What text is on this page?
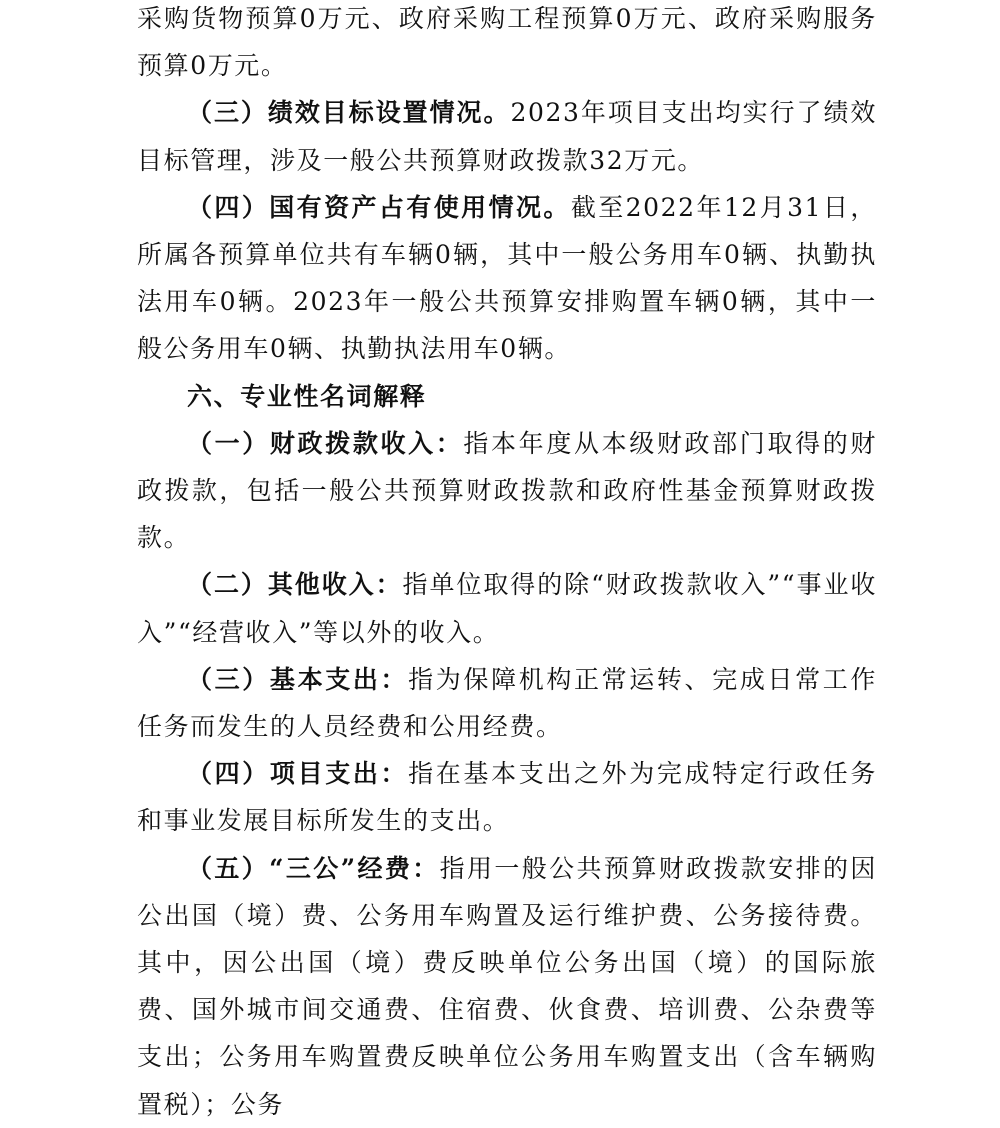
采购货物预算0万元、政府采购工程预算0万元、政府采购服务预算0万元。

（三）绩效目标设置情况。2023年项目支出均实行了绩效目标管理，涉及一般公共预算财政拨款32万元。

（四）国有资产占有使用情况。截至2022年12月31日，所属各预算单位共有车辆0辆，其中一般公务用车0辆、执勤执法用车0辆。2023年一般公共预算安排购置车辆0辆，其中一般公务用车0辆、执勤执法用车0辆。

六、专业性名词解释

（一）财政拨款收入：指本年度从本级财政部门取得的财政拨款，包括一般公共预算财政拨款和政府性基金预算财政拨款。

（二）其他收入：指单位取得的除“财政拨款收入”“事业收入”“经营收入”等以外的收入。

（三）基本支出：指为保障机构正常运转、完成日常工作任务而发生的人员经费和公用经费。

（四）项目支出：指在基本支出之外为完成特定行政任务和事业发展目标所发生的支出。

（五）“三公”经费：指用一般公共预算财政拨款安排的因公出国（境）费、公务用车购置及运行维护费、公务接待费。其中，因公出国（境）费反映单位公务出国（境）的国际旅费、国外城市间交通费、住宿费、伙食费、培训费、公杂费等支出；公务用车购置费反映单位公务用车购置支出（含车辆购置税）；公务
